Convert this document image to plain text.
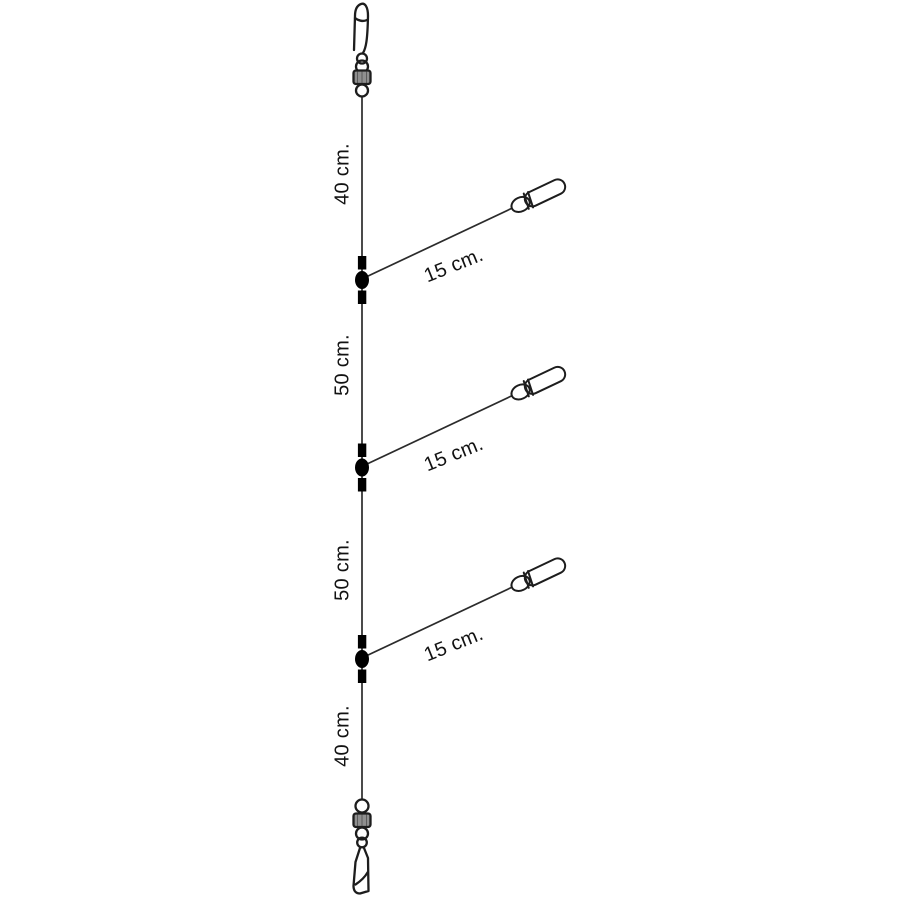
40 cm.
50 cm.
50 cm.
40 cm.
15 cm.
15 cm.
15 cm.
